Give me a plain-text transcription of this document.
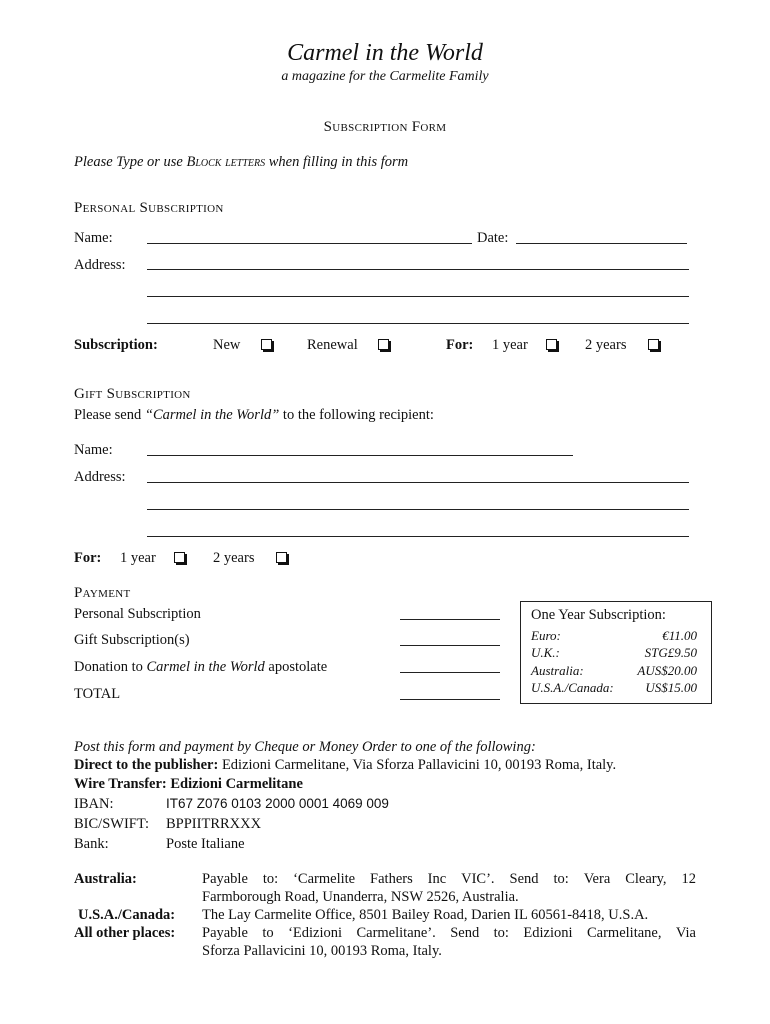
Carmel in the World
a magazine for the Carmelite Family
Subscription Form
Please Type or use Block letters when filling in this form
Personal Subscription
Name:	Date:
Address:
Subscription:	New	Renewal	For: 1 year	2 years
Gift Subscription
Please send “Carmel in the World” to the following recipient:
Name:
Address:
For: 1 year	2 years
Payment
Personal Subscription
Gift Subscription(s)
Donation to Carmel in the World apostolate
TOTAL
One Year Subscription:
Euro:	€11.00
U.K.:	STG£9.50
Australia:	AUS$20.00
U.S.A./Canada: US$15.00
Post this form and payment by Cheque or Money Order to one of the following:
Direct to the publisher: Edizioni Carmelitane, Via Sforza Pallavicini 10, 00193 Roma, Italy.
Wire Transfer: Edizioni Carmelitane
IBAN:	IT67 Z076 0103 2000 0001 4069 009
BIC/SWIFT: BPPIITRRXXX
Bank:	Poste Italiane
Australia:	Payable to: ‘Carmelite Fathers Inc VIC’. Send to: Vera Cleary, 12
Farmborough Road, Unanderra, NSW 2526, Australia.
U.S.A./Canada: The Lay Carmelite Office, 8501 Bailey Road, Darien IL 60561-8418, U.S.A.
All other places: Payable to ‘Edizioni Carmelitane’. Send to: Edizioni Carmelitane, Via
Sforza Pallavicini 10, 00193 Roma, Italy.
